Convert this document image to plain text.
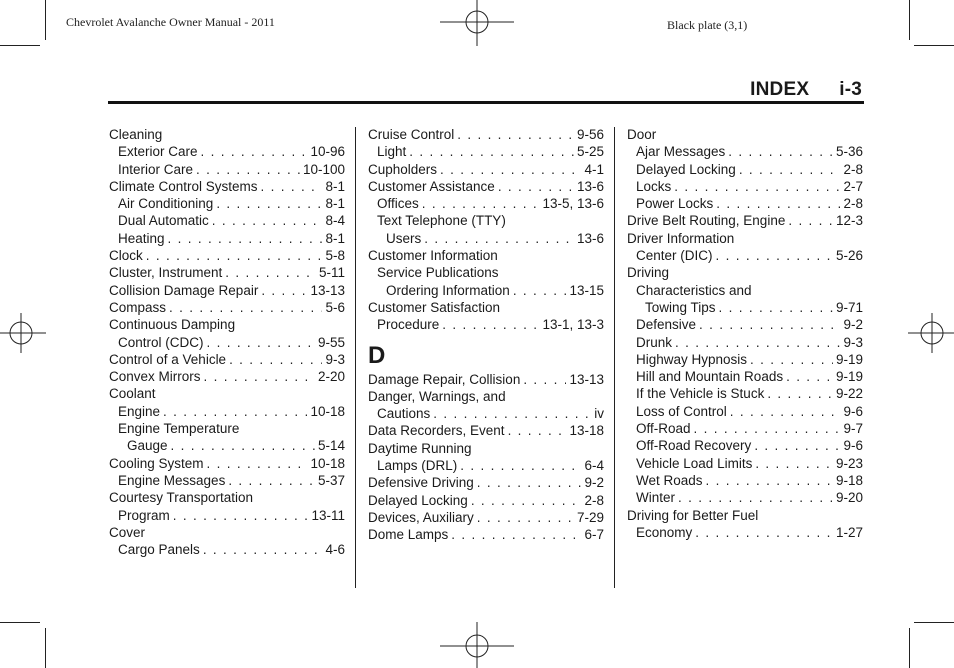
Chevrolet Avalanche Owner Manual - 2011	Black plate (3,1)
INDEX i-3
Cleaning
Exterior Care . . .	10-96
Interior Care . . .	10-100
Climate Control Systems . . .	8-1
Air Conditioning . . .	8-1
Dual Automatic . . .	8-4
Heating . . .	8-1
Clock . . .	5-8
Cluster, Instrument . . .	5-11
Collision Damage Repair . . .	13-13
Compass . . .	5-6
Continuous Damping
Control (CDC) . . .	9-55
Control of a Vehicle . . .	9-3
Convex Mirrors . . .	2-20
Coolant
Engine . . .	10-18
Engine Temperature
Gauge . . .	5-14
Cooling System . . .	10-18
Engine Messages . . .	5-37
Courtesy Transportation
Program . . .	13-11
Cover
Cargo Panels . . .	4-6
Cruise Control . . .	9-56
Light . . .	5-25
Cupholders . . .	4-1
Customer Assistance . . .	13-6
Offices . . .	13-5, 13-6
Text Telephone (TTY)
Users . . .	13-6
Customer Information
Service Publications
Ordering Information . . .	13-15
Customer Satisfaction
Procedure . . .	13-1, 13-3
D
Damage Repair, Collision . . .	13-13
Danger, Warnings, and
Cautions . . .	iv
Data Recorders, Event . . .	13-18
Daytime Running
Lamps (DRL) . . .	6-4
Defensive Driving . . .	9-2
Delayed Locking . . .	2-8
Devices, Auxiliary . . .	7-29
Dome Lamps . . .	6-7
Door
Ajar Messages . . .	5-36
Delayed Locking . . .	2-8
Locks . . .	2-7
Power Locks . . .	2-8
Drive Belt Routing, Engine . . .	12-3
Driver Information
Center (DIC) . . .	5-26
Driving
Characteristics and
Towing Tips . . .	9-71
Defensive . . .	9-2
Drunk . . .	9-3
Highway Hypnosis . . .	9-19
Hill and Mountain Roads . . .	9-19
If the Vehicle is Stuck . . .	9-22
Loss of Control . . .	9-6
Off-Road . . .	9-7
Off-Road Recovery . . .	9-6
Vehicle Load Limits . . .	9-23
Wet Roads . . .	9-18
Winter . . .	9-20
Driving for Better Fuel
Economy . . .	1-27
